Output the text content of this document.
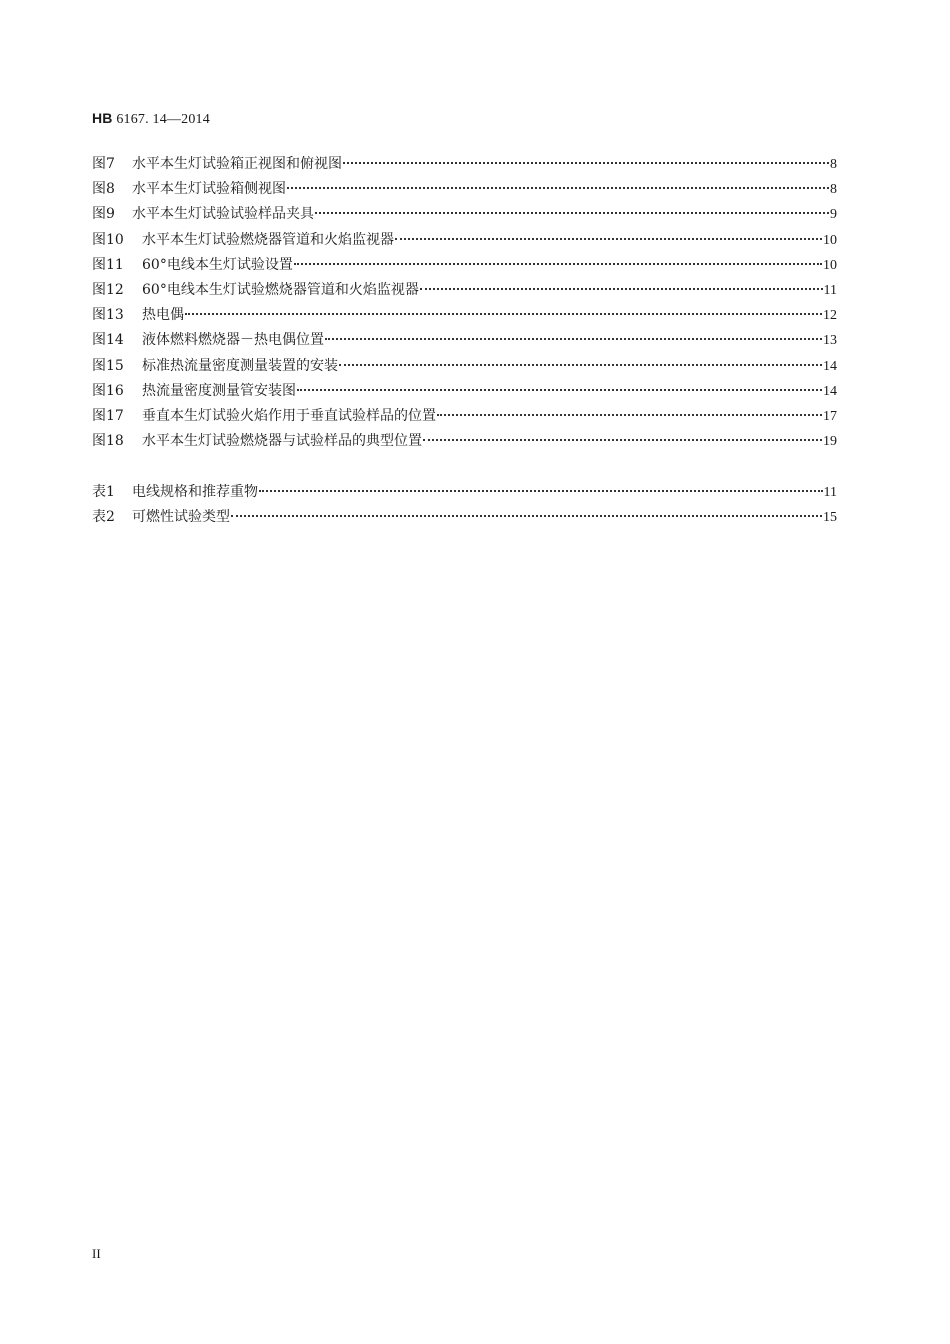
HB 6167. 14—2014
图7	水平本生灯试验箱正视图和俯视图	8
图8	水平本生灯试验箱侧视图	8
图9	水平本生灯试验试验样品夹具	9
图10	水平本生灯试验燃烧器管道和火焰监视器	10
图11	60°电线本生灯试验设置	10
图12	60°电线本生灯试验燃烧器管道和火焰监视器	11
图13	热电偶	12
图14	液体燃料燃烧器－热电偶位置	13
图15	标准热流量密度测量装置的安装	14
图16	热流量密度测量管安装图	14
图17	垂直本生灯试验火焰作用于垂直试验样品的位置	17
图18	水平本生灯试验燃烧器与试验样品的典型位置	19
表1	电线规格和推荐重物	11
表2	可燃性试验类型	15
II
